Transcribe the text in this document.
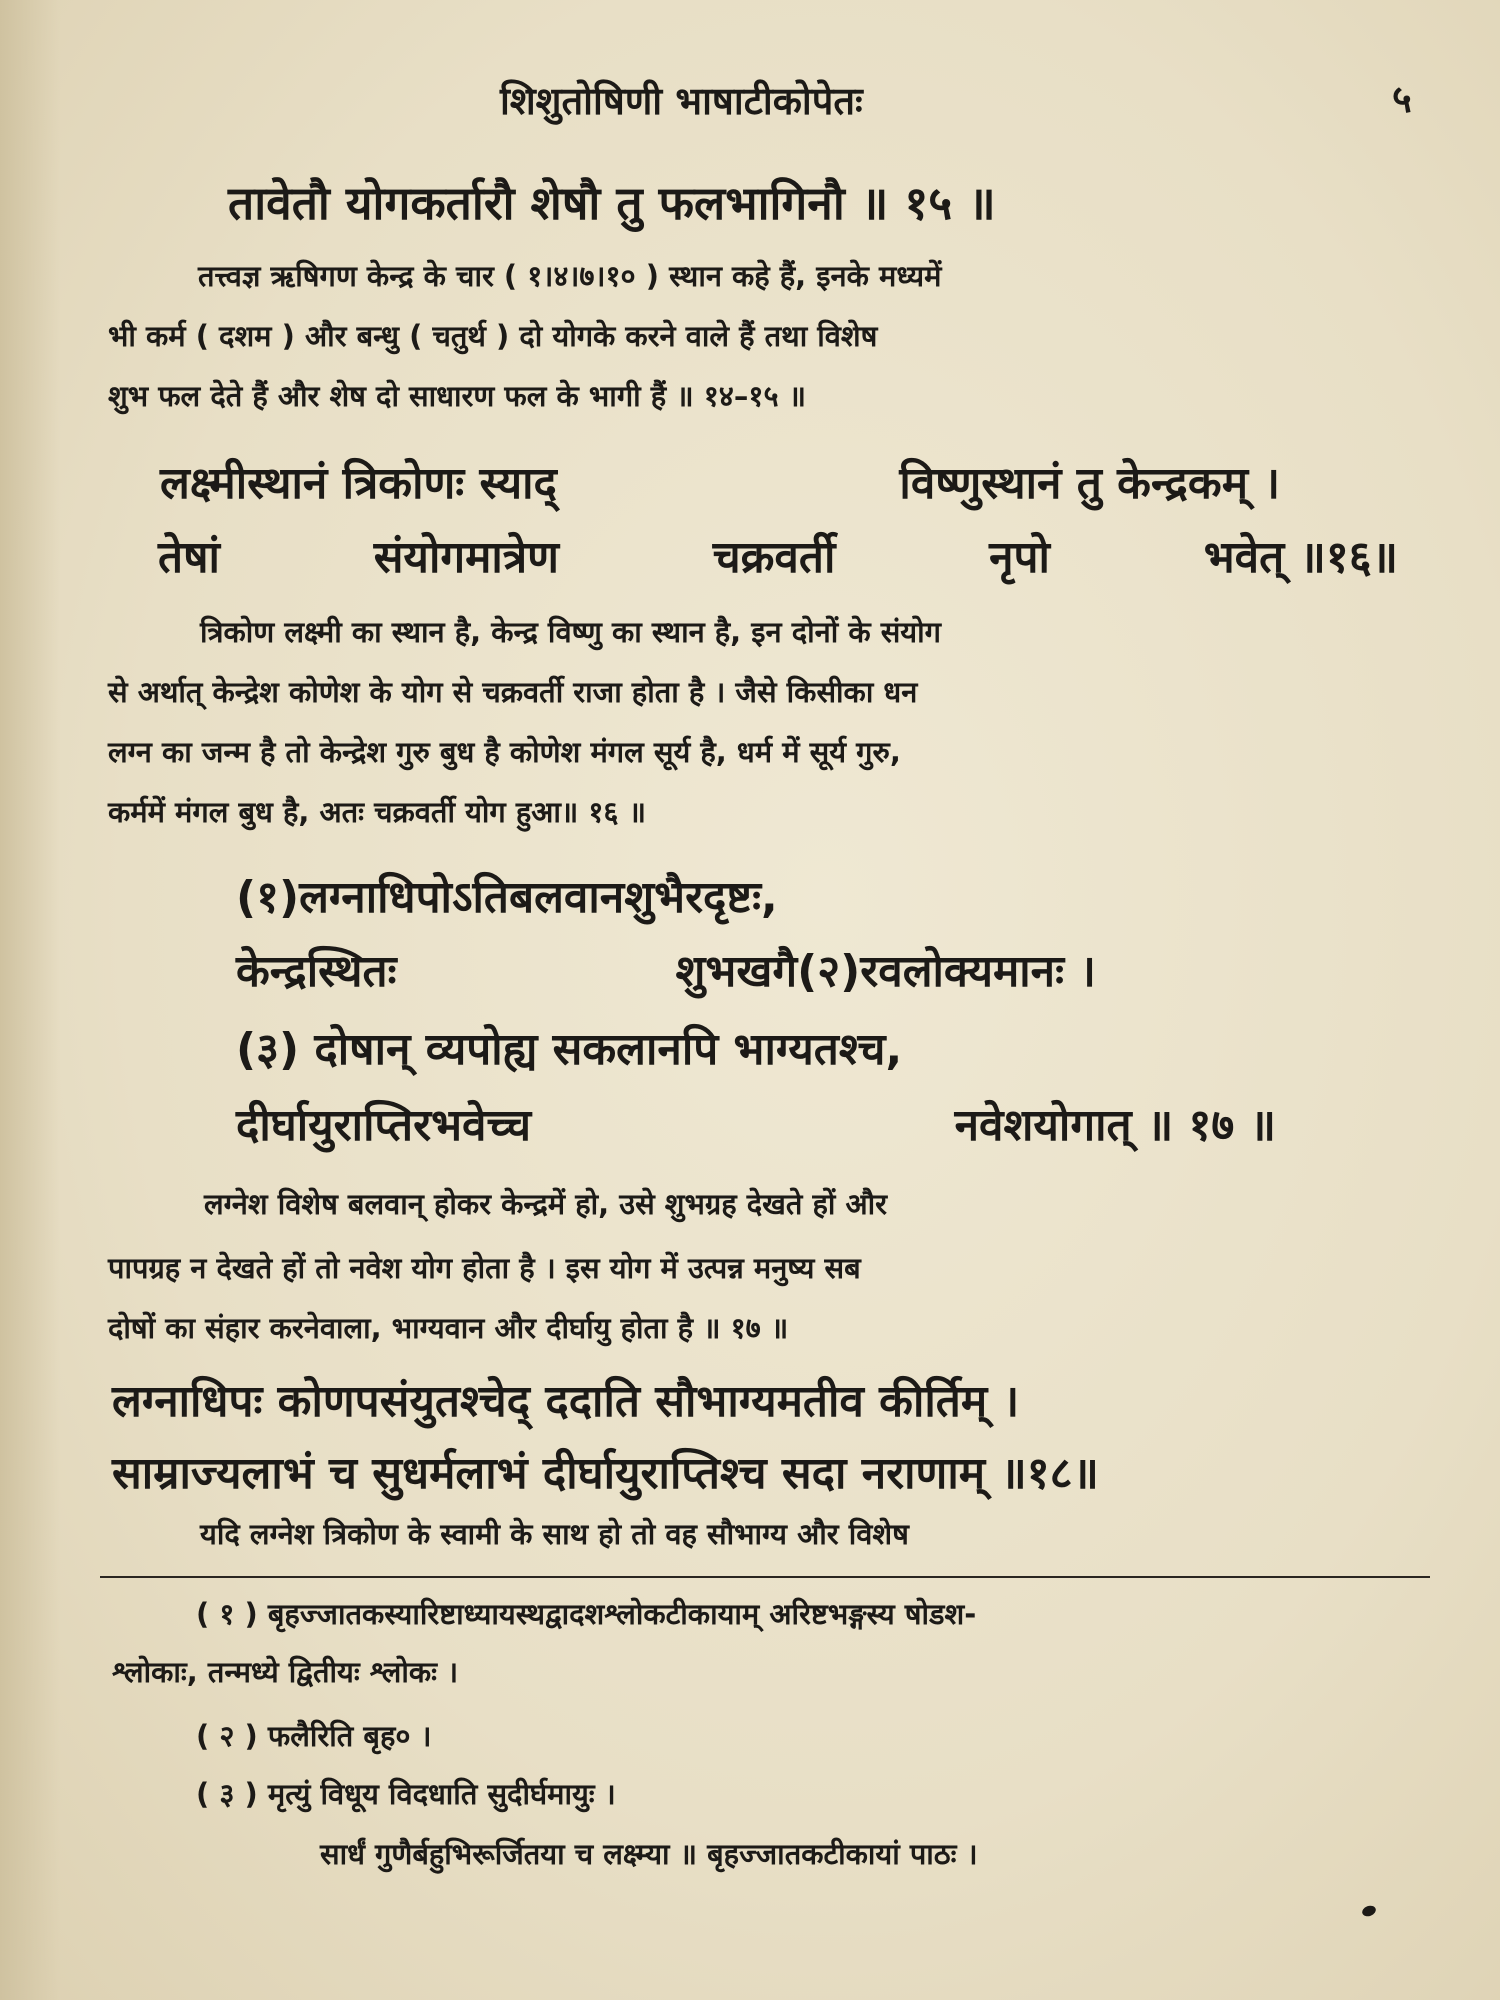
शिशुतोषिणी भाषाटीकोपेतः	५
तावेतौ योगकर्तारौ शेषौ तु फलभागिनौ ॥ १५ ॥
तत्त्वज्ञ ऋषिगण केन्द्र के चार ( १।४।७।१० ) स्थान कहे हैं, इनके मध्यमें
भी कर्म ( दशम ) और बन्धु ( चतुर्थ ) दो योगके करने वाले हैं तथा विशेष
शुभ फल देते हैं और शेष दो साधारण फल के भागी हैं ॥ १४–१५ ॥
लक्ष्मीस्थानं त्रिकोणः स्याद्	विष्णुस्थानं तु केन्द्रकम् ।
तेषां	संयोगमात्रेण	चक्रवर्ती	नृपो	भवेत् ॥१६॥
त्रिकोण लक्ष्मी का स्थान है, केन्द्र विष्णु का स्थान है, इन दोनों के संयोग
से अर्थात् केन्द्रेश कोणेश के योग से चक्रवर्ती राजा होता है । जैसे किसीका धन
लग्न का जन्म है तो केन्द्रेश गुरु बुध है कोणेश मंगल सूर्य है, धर्म में सूर्य गुरु,
कर्ममें मंगल बुध है, अतः चक्रवर्ती योग हुआ॥ १६ ॥
(१)लग्नाधिपोऽतिबलवानशुभैरदृष्टः,
केन्द्रस्थितः	शुभखगै(२)रवलोक्यमानः ।
(३) दोषान् व्यपोह्य सकलानपि भाग्यतश्च,
दीर्घायुराप्तिरभवेच्च	नवेशयोगात् ॥ १७ ॥
लग्नेश विशेष बलवान् होकर केन्द्रमें हो, उसे शुभग्रह देखते हों और
पापग्रह न देखते हों तो नवेश योग होता है । इस योग में उत्पन्न मनुष्य सब
दोषों का संहार करनेवाला, भाग्यवान और दीर्घायु होता है ॥ १७ ॥
लग्नाधिपः कोणपसंयुतश्चेद् ददाति सौभाग्यमतीव कीर्तिम् ।
साम्राज्यलाभं च सुधर्मलाभं दीर्घायुराप्तिश्च सदा नराणाम् ॥१८॥
यदि लग्नेश त्रिकोण के स्वामी के साथ हो तो वह सौभाग्य और विशेष
( १ ) बृहज्जातकस्यारिष्टाध्यायस्थद्वादशश्लोकटीकायाम् अरिष्टभङ्गस्य षोडश-
श्लोकाः, तन्मध्ये द्वितीयः श्लोकः ।
( २ ) फलैरिति बृह० ।
( ३ ) मृत्युं विधूय विदधाति सुदीर्घमायुः ।
सार्धं गुणैर्बहुभिरूर्जितया च लक्ष्म्या ॥ बृहज्जातकटीकायां पाठः ।
